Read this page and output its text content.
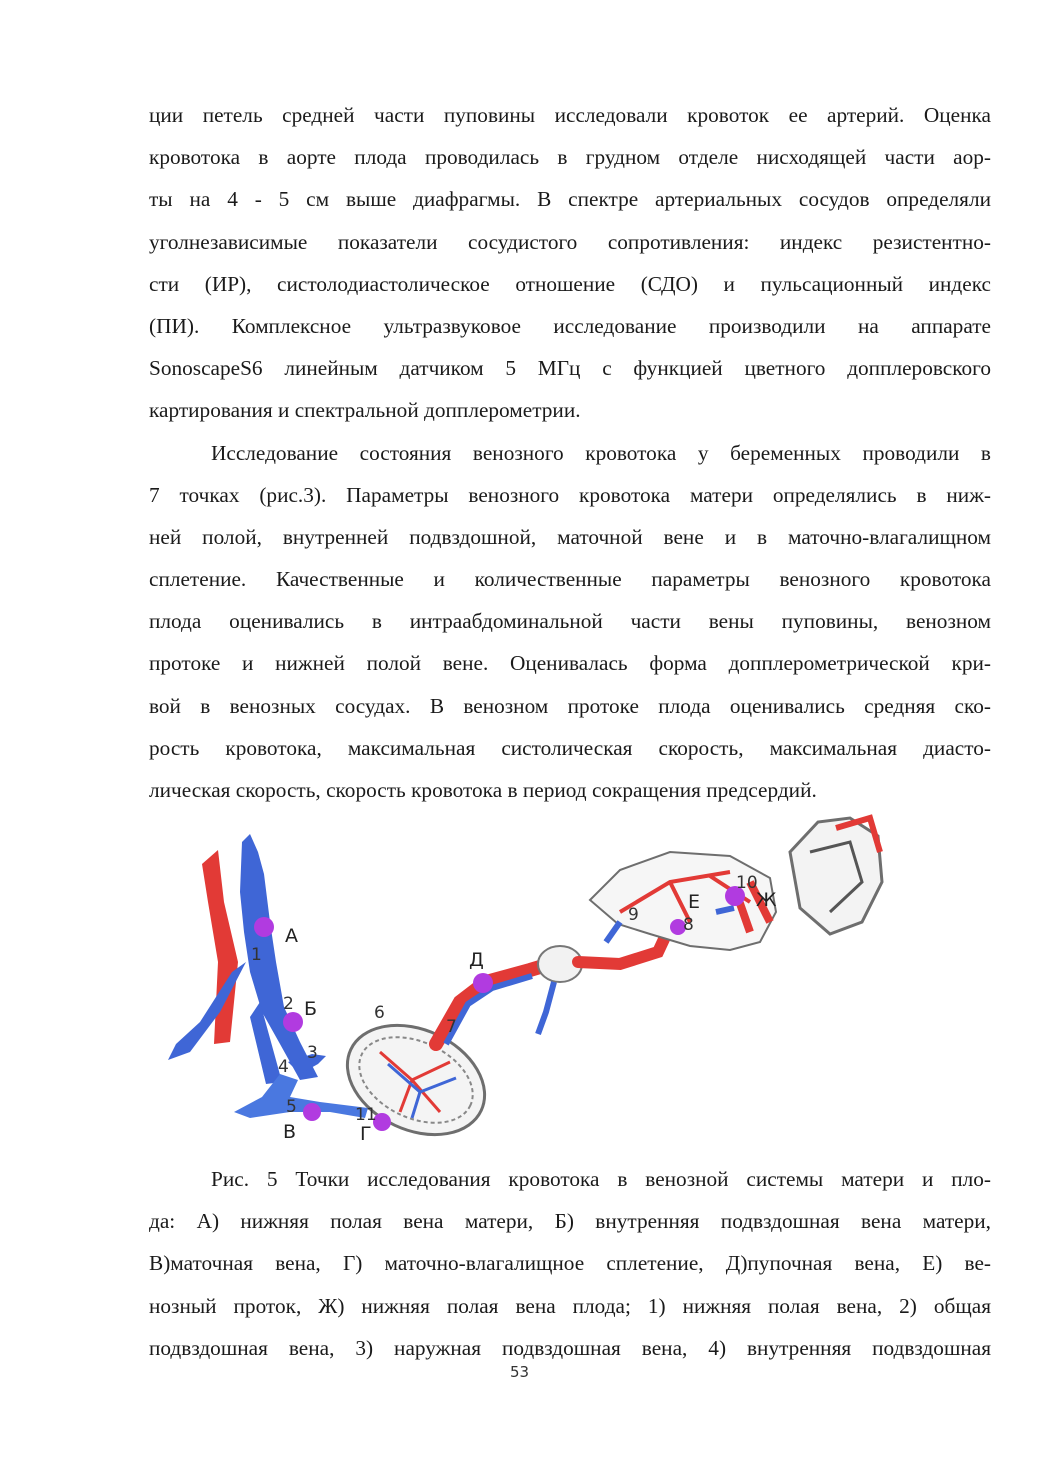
ции петель средней части пуповины исследовали кровоток ее артерий. Оценка
кровотока в аорте плода проводилась в грудном отделе нисходящей части аор-
ты на 4 - 5 см выше диафрагмы. В спектре артериальных сосудов определяли
уголнезависимые показатели сосудистого сопротивления: индекс резистентно-
сти (ИР), систолодиастолическое отношение (СДО) и пульсационный индекс
(ПИ). Комплексное ультразвуковое исследование производили на аппарате
SonoscapeS6 линейным датчиком 5 МГц с функцией цветного допплеровского
картирования и спектральной допплерометрии.
Исследование состояния венозного кровотока у беременных проводили в
7 точках (рис.3). Параметры венозного кровотока матери определялись в ниж-
ней полой, внутренней подвздошной, маточной вене и в маточно-влагалищном
сплетение. Качественные и количественные параметры венозного кровотока
плода оценивались в интраабдоминальной части вены пуповины, венозном
протоке и нижней полой вене. Оценивалась форма допплерометрической кри-
вой в венозных сосудах. В венозном протоке плода оценивались средняя ско-
рость кровотока, максимальная систолическая скорость, максимальная диасто-
лическая скорость, скорость кровотока в период сокращения предсердий.
А
Б
В	Г
Д
Е	Ж
1
2
3
4
5
6
7
8
9
10
11
Рис. 5 Точки исследования кровотока в венозной системы матери и пло-
да: А) нижняя полая вена матери, Б) внутренняя подвздошная вена матери,
В)маточная вена, Г) маточно-влагалищное сплетение, Д)пупочная вена, Е) ве-
нозный проток, Ж) нижняя полая вена плода; 1) нижняя полая вена, 2) общая
подвздошная вена, 3) наружная подвздошная вена, 4) внутренняя подвздошная
53
